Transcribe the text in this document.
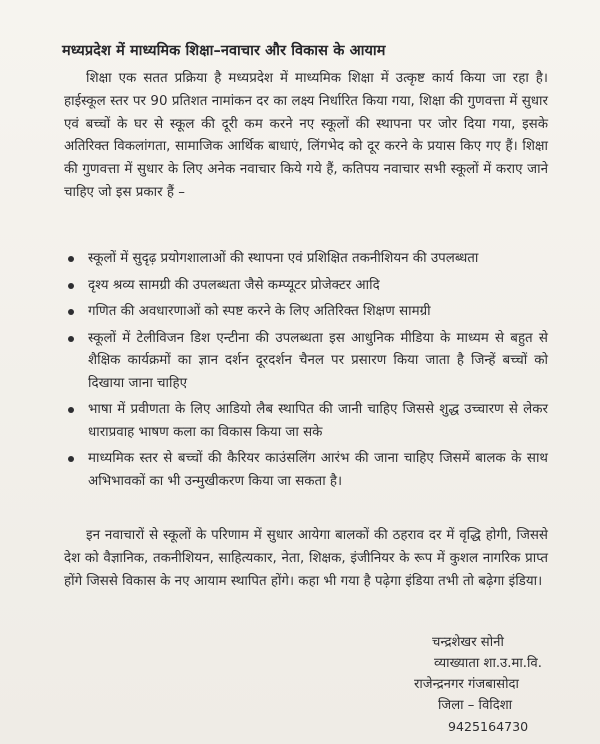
मध्यप्रदेश में माध्यमिक शिक्षा–नवाचार और विकास के आयाम
शिक्षा एक सतत प्रक्रिया है मध्यप्रदेश में माध्यमिक शिक्षा में उत्कृष्ट कार्य किया जा रहा है। हाईस्कूल स्तर पर 90 प्रतिशत नामांकन दर का लक्ष्य निर्धारित किया गया, शिक्षा की गुणवत्ता में सुधार एवं बच्चों के घर से स्कूल की दूरी कम करने नए स्कूलों की स्थापना पर जोर दिया गया, इसके अतिरिक्त विकलांगता, सामाजिक आर्थिक बाधाएं, लिंगभेद को दूर करने के प्रयास किए गए हैं। शिक्षा की गुणवत्ता में सुधार के लिए अनेक नवाचार किये गये हैं, कतिपय नवाचार सभी स्कूलों में कराए जाने चाहिए जो इस प्रकार हैं –
स्कूलों में सुदृढ़ प्रयोगशालाओं की स्थापना एवं प्रशिक्षित तकनीशियन की उपलब्धता
दृश्य श्रव्य सामग्री की उपलब्धता जैसे कम्प्यूटर प्रोजेक्टर आदि
गणित की अवधारणाओं को स्पष्ट करने के लिए अतिरिक्त शिक्षण सामग्री
स्कूलों में टेलीविजन डिश एन्टीना की उपलब्धता इस आधुनिक मीडिया के माध्यम से बहुत से शैक्षिक कार्यक्रमों का ज्ञान दर्शन दूरदर्शन चैनल पर प्रसारण किया जाता है जिन्हें बच्चों को दिखाया जाना चाहिए
भाषा में प्रवीणता के लिए आडियो लैब स्थापित की जानी चाहिए जिससे शुद्ध उच्चारण से लेकर धाराप्रवाह भाषण कला का विकास किया जा सके
माध्यमिक स्तर से बच्चों की कैरियर काउंसलिंग आरंभ की जाना चाहिए जिसमें बालक के साथ अभिभावकों का भी उन्मुखीकरण किया जा सकता है।
इन नवाचारों से स्कूलों के परिणाम में सुधार आयेगा बालकों की ठहराव दर में वृद्धि होगी, जिससे देश को वैज्ञानिक, तकनीशियन, साहित्यकार, नेता, शिक्षक, इंजीनियर के रूप में कुशल नागरिक प्राप्त होंगे जिससे विकास के नए आयाम स्थापित होंगे। कहा भी गया है पढ़ेगा इंडिया तभी तो बढ़ेगा इंडिया।
चन्द्रशेखर सोनी
व्याख्याता शा.उ.मा.वि.
राजेन्द्रनगर गंजबासोदा
जिला – विदिशा
9425164730
